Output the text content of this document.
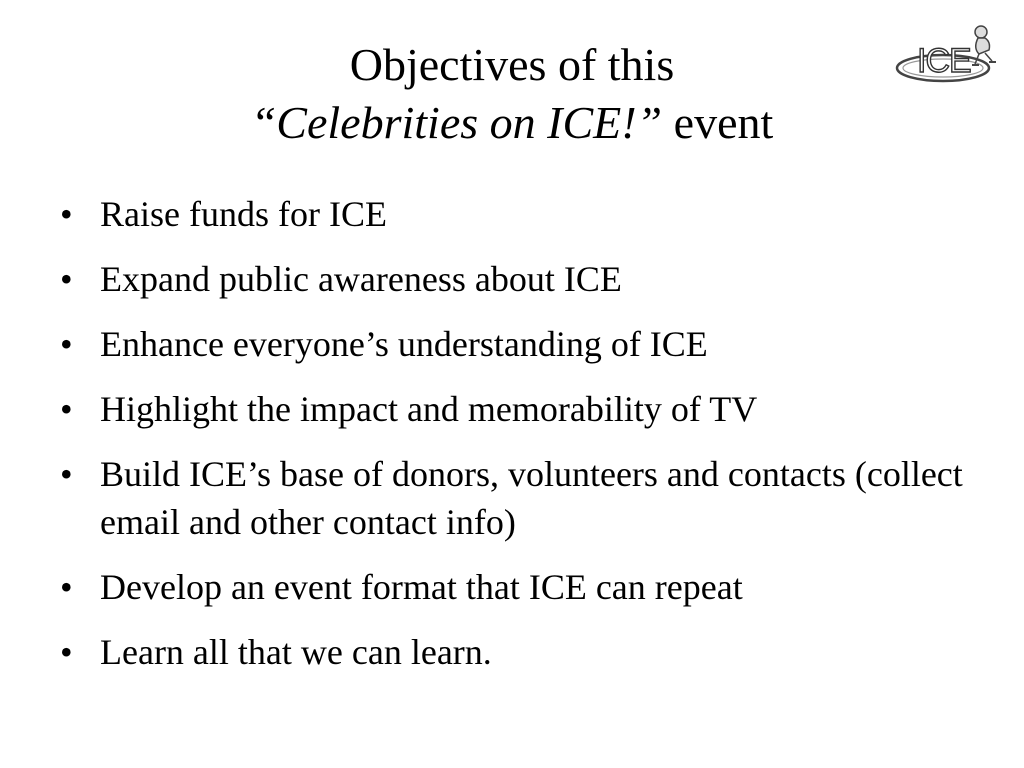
Objectives of this
“Celebrities on ICE!” event
ICE
• Raise funds for ICE
• Expand public awareness about ICE
• Enhance everyone’s understanding of ICE
• Highlight the impact and memorability of TV
• Build ICE’s base of donors, volunteers and contacts (collect email and other contact info)
• Develop an event format that ICE can repeat
• Learn all that we can learn.
